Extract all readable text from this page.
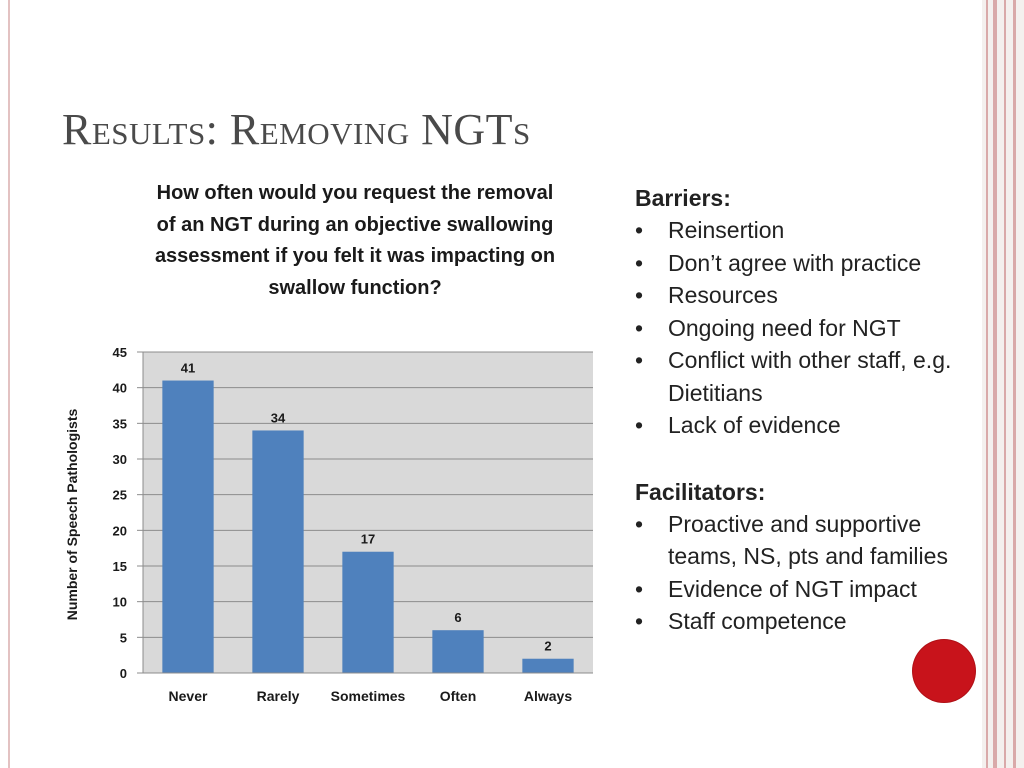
Results: Removing NGTs
How often would you request the removal of an NGT during an objective swallowing assessment if you felt it was impacting on swallow function?
41
34
17
6
2
0
5
10
15
20
25
30
35
40
45
Never	Rarely Sometimes Often	Always
Number of Speech Pathologists
Barriers:
• Reinsertion
• Don’t agree with practice
• Resources
• Ongoing need for NGT
• Conflict with other staff, e.g. Dietitians
• Lack of evidence
Facilitators:
• Proactive and supportive teams, NS, pts and families
• Evidence of NGT impact
• Staff competence
